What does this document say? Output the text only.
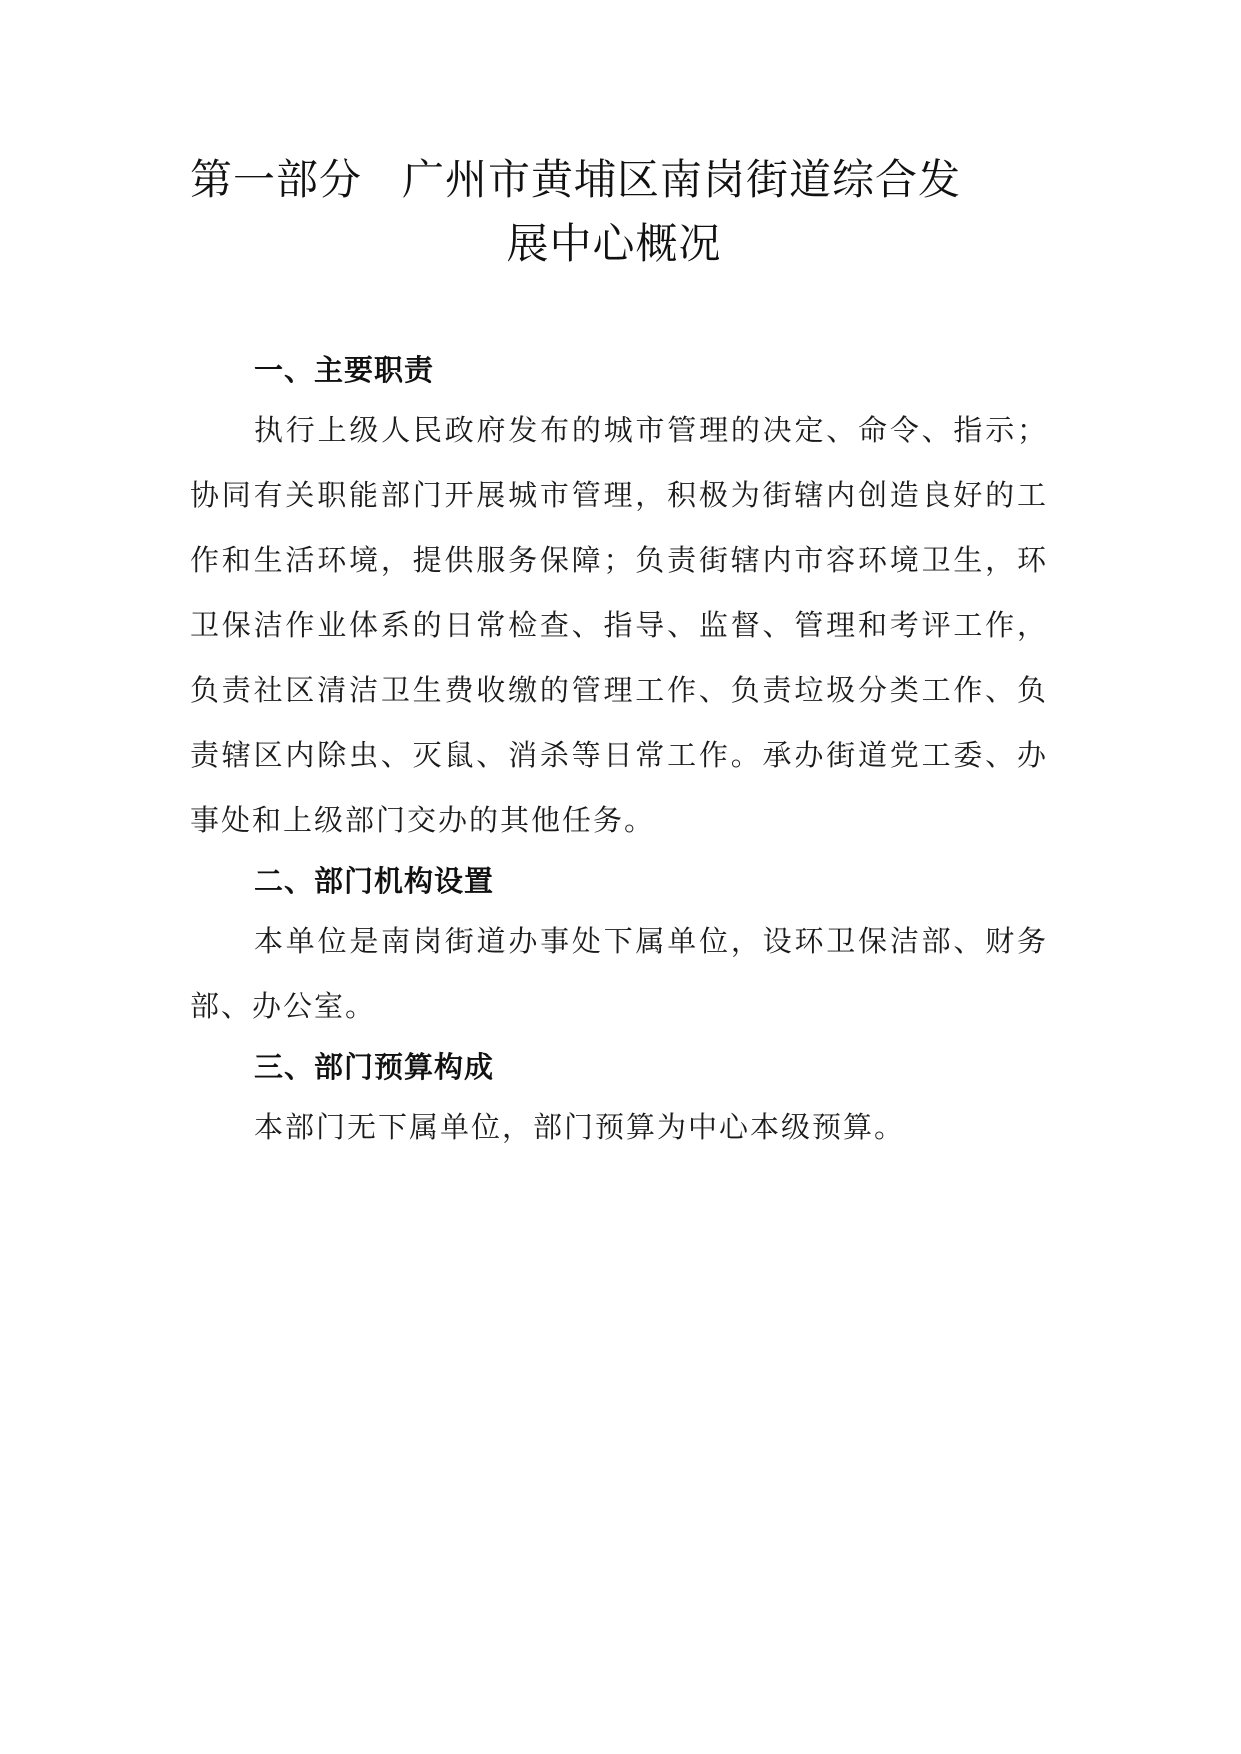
第一部分 广州市黄埔区南岗街道综合发
展中心概况
一、主要职责

执行上级人民政府发布的城市管理的决定、命令、指示；协同有关职能部门开展城市管理，积极为街辖内创造良好的工作和生活环境，提供服务保障；负责街辖内市容环境卫生，环卫保洁作业体系的日常检查、指导、监督、管理和考评工作，负责社区清洁卫生费收缴的管理工作、负责垃圾分类工作、负责辖区内除虫、灭鼠、消杀等日常工作。承办街道党工委、办事处和上级部门交办的其他任务。

二、部门机构设置

本单位是南岗街道办事处下属单位，设环卫保洁部、财务部、办公室。

三、部门预算构成

本部门无下属单位，部门预算为中心本级预算。
